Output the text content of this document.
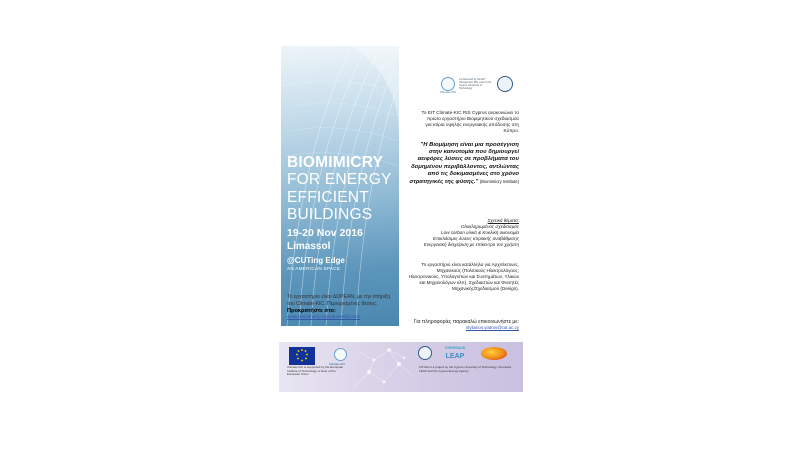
BIOMIMICRY
FOR ENERGY
EFFICIENT
BUILDINGS
19-20 Nov 2016
Limassol
@CUTing Edge
AN AMERICAN SPACE
Το εργαστήριο είναι ΔΩΡΕΑΝ, με την στήριξη του Climate-KIC. Περιορισμένες θέσεις.
Προκρατήστε στο:
www.biomimicry-cyprus.weebly.com
Climate-KIC
Co-financed by the EIT Climate-KIC RIS, part of the Cyprus University of Technology
Το EIT Climate-KIC RIS Cyprus ανακοινώνει το πρώτο εργαστήριο Βιομιμητικού σχεδιασμού για κτίρια υψηλής ενεργειακής απόδοσης στη Κύπρο.
"Η Βιομίμηση είναι μια προσέγγιση στην καινοτομία που δημιουργεί αειφόρες λύσεις σε προβλήματα του δομημένου περιβάλλοντος, αντλώντας από τις δοκιμασμένες στο χρόνο στρατηγικές της φύσης." (Biomimicry Institute)
Σχετικά θέματα:
Ολοκληρωμένος σχεδιασμός
Low carbon υλικά & Κυκλική οικονομία
Επικλάσιμες λύσεις κτιριακής αναβάθμισης
Ενεργειακή διαχείριση με επίκεντρο τον χρήστη
Το εργαστήριο είναι κατάλληλο για Αρχιτέκτονες, Μηχανικούς (Πολιτικούς Ηλεκτρολόγους, Ηλεκτρονικούς, Υπολογιστών και Συστημάτων, Υλικών και Μηχανολόγων κλπ), Σχεδιαστών και Φοιτητές Μηχανικής/Σχεδιασμού (Design).
Για πληροφορίες παρακαλώ επικοινωνήστε με:
stylianos.yiatros@cut.ac.cy
Climate-KIC
Climate-KIC is supported by the European Institute of Technology, a body of the European Union
CHERSAUS
LEAP
KIT-Ris is a project by the Cyprus University of Technology, Chersaus LEAP and the Cyprus Energy Agency
